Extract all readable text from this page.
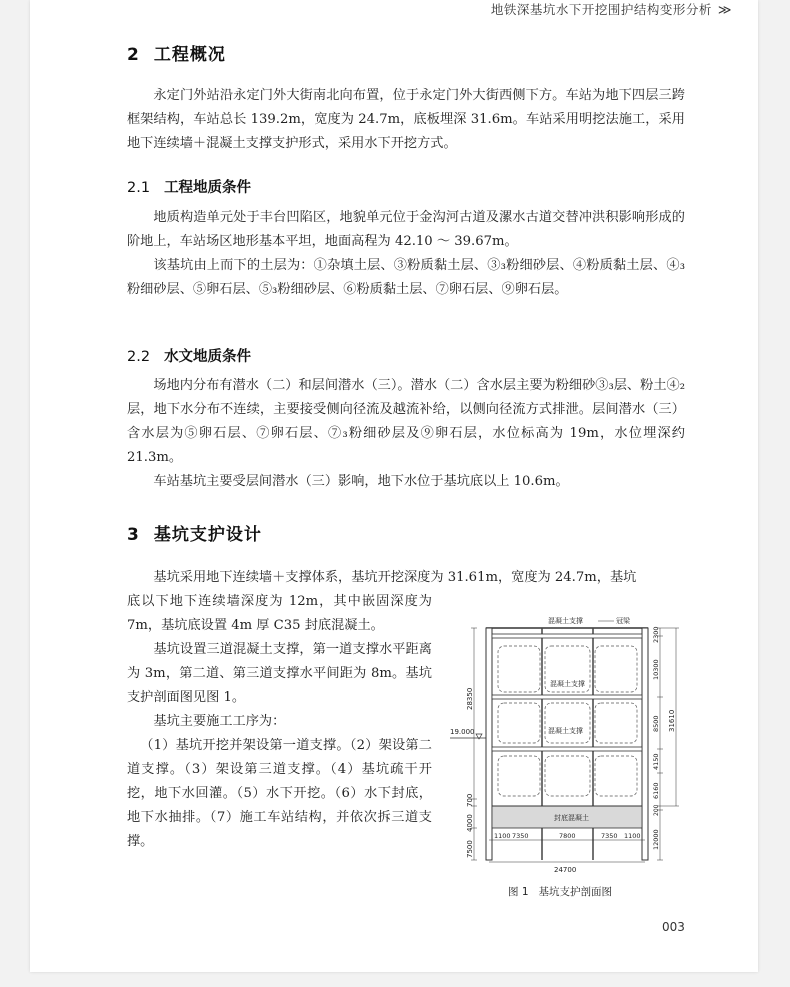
地铁深基坑水下开挖围护结构变形分析 ≫
2 工程概况

永定门外站沿永定门外大街南北向布置，位于永定门外大街西侧下方。车站为地下四层三跨框架结构，车站总长 139.2m，宽度为 24.7m，底板埋深 31.6m。车站采用明挖法施工，采用地下连续墙＋混凝土支撑支护形式，采用水下开挖方式。

2.1 工程地质条件

地质构造单元处于丰台凹陷区，地貌单元位于金沟河古道及漯水古道交替冲洪积影响形成的阶地上，车站场区地形基本平坦，地面高程为 42.10 ～ 39.67m。

该基坑由上而下的土层为：①杂填土层、③粉质黏土层、③₃粉细砂层、④粉质黏土层、④₃粉细砂层、⑤卵石层、⑤₃粉细砂层、⑥粉质黏土层、⑦卵石层、⑨卵石层。

2.2 水文地质条件

场地内分布有潜水（二）和层间潜水（三）。潜水（二）含水层主要为粉细砂③₃层、粉土④₂层，地下水分布不连续，主要接受侧向径流及越流补给，以侧向径流方式排泄。层间潜水（三）含水层为⑤卵石层、⑦卵石层、⑦₃粉细砂层及⑨卵石层，水位标高为 19m，水位埋深约 21.3m。

车站基坑主要受层间潜水（三）影响，地下水位于基坑底以上 10.6m。

3 基坑支护设计

基坑采用地下连续墙＋支撑体系，基坑开挖深度为 31.61m，宽度为 24.7m，基坑

底以下地下连续墙深度为 12m，其中嵌固深度为 7m，基坑底设置 4m 厚 C35 封底混凝土。

基坑设置三道混凝土支撑，第一道支撑水平距离为 3m，第二道、第三道支撑水平间距为 8m。基坑支护剖面图见图 1。

基坑主要施工工序为：

（1）基坑开挖并架设第一道支撑。（2）架设第二道支撑。（3）架设第三道支撑。（4）基坑疏干开挖，地下水回灌。（5）水下开挖。（6）水下封底，地下水抽排。（7）施工车站结构，并依次拆三道支撑。

19.000
封底混凝土
混凝土支撑	冠梁
混凝土支撑
混凝土支撑
28350
700
4000
7500
2300
10300
8500
4150
6160
200
12000
31610
1100 7350	7800	7350 1100
24700
图 1 基坑支护剖面图
003
